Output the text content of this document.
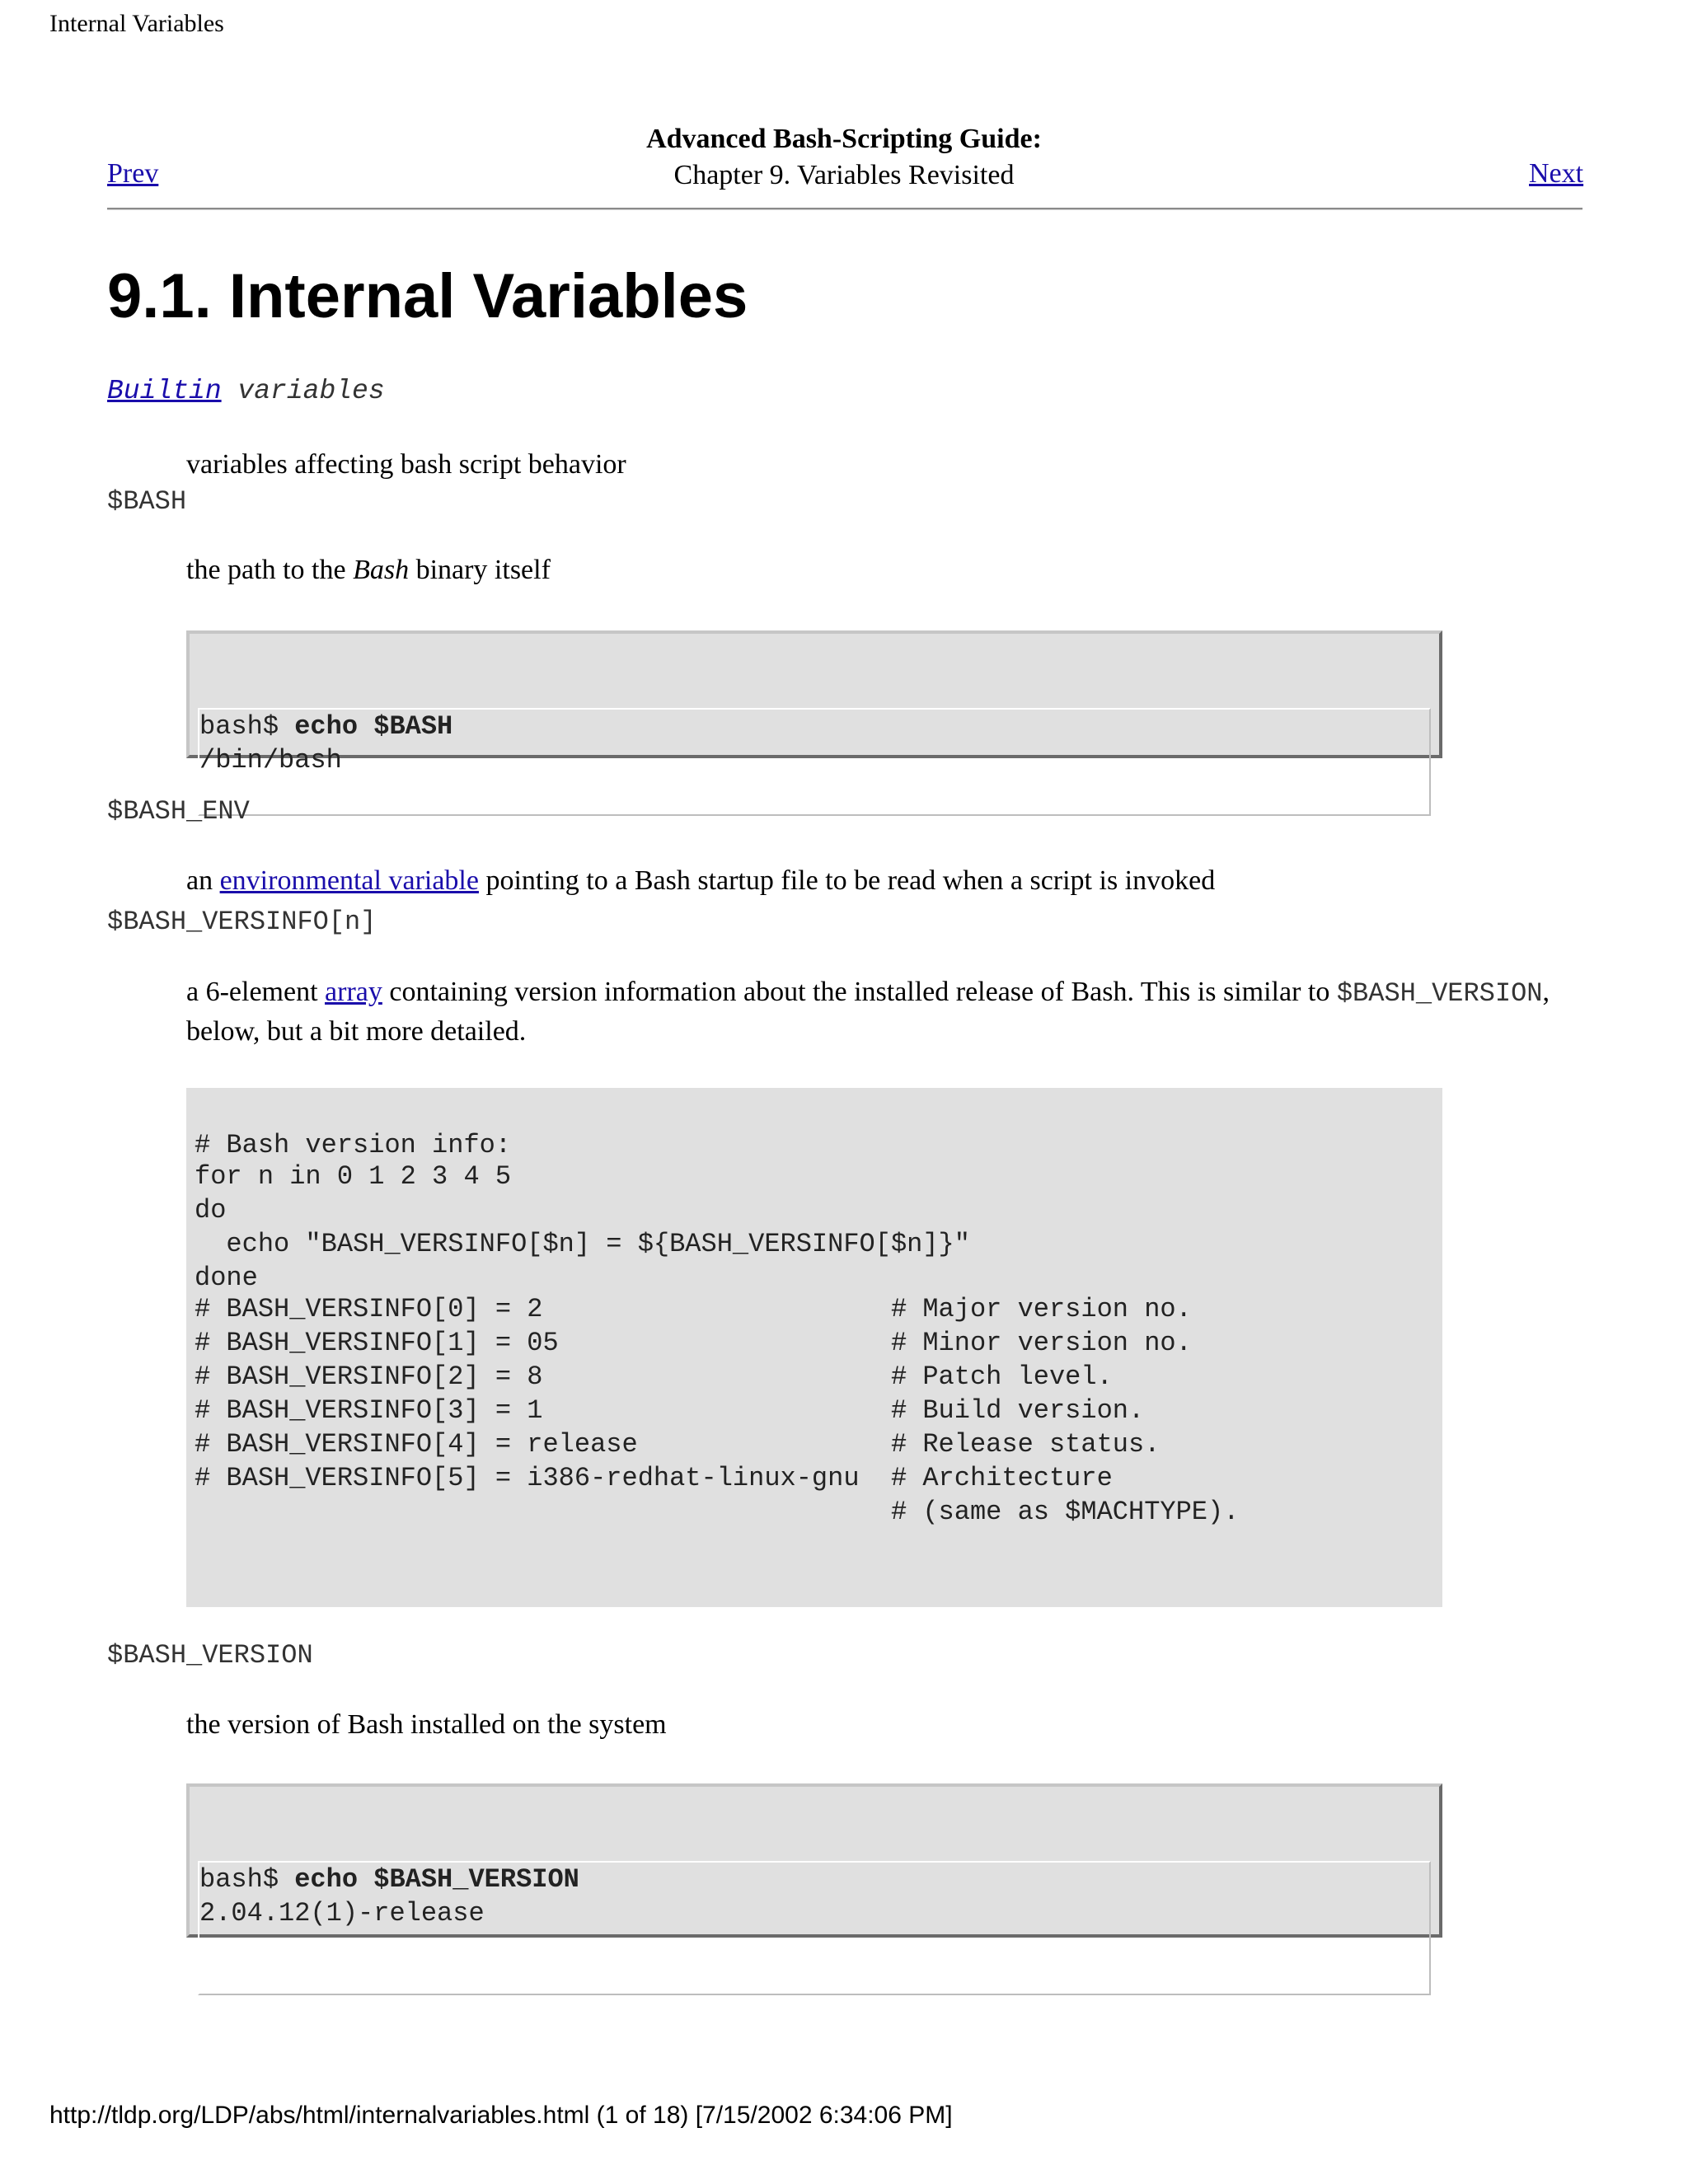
Internal Variables
Advanced Bash-Scripting Guide:
Chapter 9. Variables Revisited
Prev	Next
9.1. Internal Variables
Builtin variables
variables affecting bash script behavior
$BASH
the path to the Bash binary itself

bash$ echo $BASH
/bin/bash

$BASH_ENV
an environmental variable pointing to a Bash startup file to be read when a script is invoked
$BASH_VERSINFO[n]
a 6-element array containing version information about the installed release of Bash. This is similar to $BASH_VERSION,
below, but a bit more detailed.

# Bash version info:

for n in 0 1 2 3 4 5
do
echo "BASH_VERSINFO[$n] = ${BASH_VERSINFO[$n]}"
done

# BASH_VERSINFO[0] = 2                      # Major version no.
# BASH_VERSINFO[1] = 05                     # Minor version no.
# BASH_VERSINFO[2] = 8                      # Patch level.
# BASH_VERSINFO[3] = 1                      # Build version.
# BASH_VERSINFO[4] = release                # Release status.
# BASH_VERSINFO[5] = i386-redhat-linux-gnu  # Architecture
# (same as $MACHTYPE).

$BASH_VERSION
the version of Bash installed on the system

bash$ echo $BASH_VERSION
2.04.12(1)-release

http://tldp.org/LDP/abs/html/internalvariables.html (1 of 18) [7/15/2002 6:34:06 PM]
